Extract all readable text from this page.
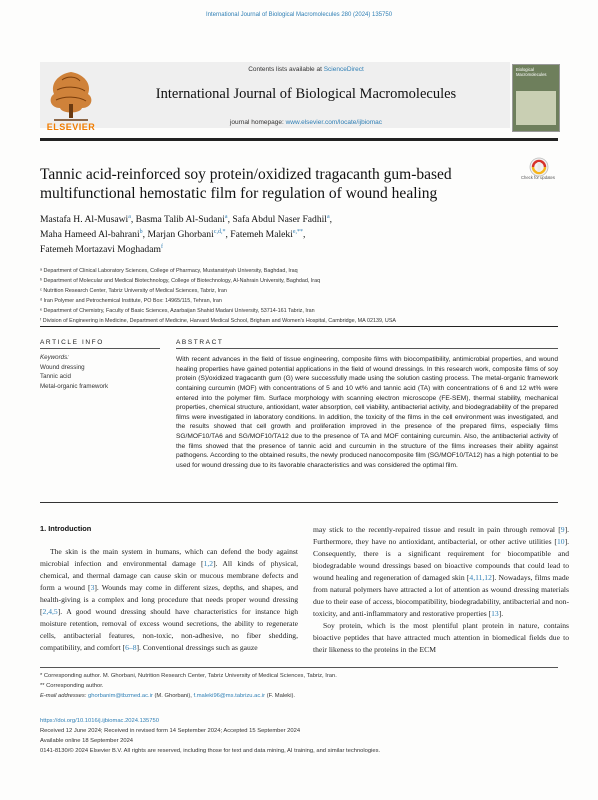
International Journal of Biological Macromolecules 280 (2024) 135750
ELSEVIER
Contents lists available at ScienceDirect
International Journal of Biological Macromolecules
journal homepage: www.elsevier.com/locate/ijbiomac
Biological Macromolecules
Check for updates
Tannic acid-reinforced soy protein/oxidized tragacanth gum-based multifunctional hemostatic film for regulation of wound healing
Mastafa H. Al-Musawi$^a$, Basma Talib Al-Sudani$^a$, Safa Abdul Naser Fadhil$^a$,
Maha Hameed Al-bahrani$^b$, Marjan Ghorbani$^{c,d,*}$, Fatemeh Maleki$^{e,**}$,
Fatemeh Mortazavi Moghadam$^f$
ᵃ Department of Clinical Laboratory Sciences, College of Pharmacy, Mustansiriyah University, Baghdad, Iraq
ᵇ Department of Molecular and Medical Biotechnology, College of Biotechnology, Al-Nahrain University, Baghdad, Iraq
ᶜ Nutrition Research Center, Tabriz University of Medical Sciences, Tabriz, Iran
ᵈ Iran Polymer and Petrochemical Institute, PO Box: 14965/115, Tehran, Iran
ᵉ Department of Chemistry, Faculty of Basic Sciences, Azarbaijan Shahid Madani University, 53714-161 Tabriz, Iran
ᶠ Division of Engineering in Medicine, Department of Medicine, Harvard Medical School, Brigham and Women's Hospital, Cambridge, MA 02139, USA
ARTICLE INFO
Keywords:
Wound dressing
Tannic acid
Metal-organic framework
ABSTRACT
With recent advances in the field of tissue engineering, composite films with biocompatibility, antimicrobial properties, and wound healing properties have gained potential applications in the field of wound dressings. In this research work, composite films of soy protein (S)/oxidized tragacanth gum (G) were successfully made using the solution casting process. The metal-organic framework containing curcumin (MOF) with concentrations of 5 and 10 wt% and tannic acid (TA) with concentrations of 6 and 12 wt% were entered into the polymer film. Surface morphology with scanning electron microscope (FE-SEM), thermal stability, mechanical properties, chemical structure, antioxidant, water absorption, cell viability, antibacterial activity, and biodegradability of the prepared films were investigated in laboratory conditions. In addition, the toxicity of the films in the cell environment was investigated, and the results showed that cell growth and proliferation improved in the presence of the prepared films, especially films SG/MOF10/TA6 and SG/MOF10/TA12 due to the presence of TA and MOF containing curcumin. Also, the antibacterial activity of the films showed that the presence of tannic acid and curcumin in the structure of the films increases their ability against pathogens. According to the obtained results, the newly produced nanocomposite film (SG/MOF10/TA12) has a high potential to be used for wound dressing due to its favorable characteristics and was considered the optimal film.
1. Introduction
The skin is the main system in humans, which can defend the body against microbial infection and environmental damage [1,2]. All kinds of physical, chemical, and thermal damage can cause skin or mucous membrane defects and form a wound [3]. Wounds may come in different sizes, depths, and shapes, and health-giving is a complex and long procedure that needs proper wound dressing [2,4,5]. A good wound dressing should have characteristics for instance high moisture retention, removal of excess wound secretions, the ability to regenerate cells, antibacterial features, non-toxic, non-adhesive, no fiber shedding, compatibility, and comfort [6–8]. Conventional dressings such as gauze

may stick to the recently-repaired tissue and result in pain through removal [9]. Furthermore, they have no antioxidant, antibacterial, or other active utilities [10]. Consequently, there is a significant requirement for biocompatible and biodegradable wound dressings based on bioactive compounds that could lead to wound healing and regeneration of damaged skin [4,11,12]. Nowadays, films made from natural polymers have attracted a lot of attention as wound dressing materials due to their ease of access, biocompatibility, biodegradability, antibacterial and non-toxicity, and anti-inflammatory and restorative properties [13].

Soy protein, which is the most plentiful plant protein in nature, contains bioactive peptides that have attracted much attention in biomedical fields due to their likeness to the proteins in the ECM

* Corresponding author. M. Ghorbani, Nutrition Research Center, Tabriz University of Medical Sciences, Tabriz, Iran.
** Corresponding author.
E-mail addresses: ghorbanim@tbzmed.ac.ir (M. Ghorbani), f.maleki96@ms.tabrizu.ac.ir (F. Maleki).
https://doi.org/10.1016/j.ijbiomac.2024.135750
Received 12 June 2024; Received in revised form 14 September 2024; Accepted 15 September 2024
Available online 18 September 2024
0141-8130/© 2024 Elsevier B.V. All rights are reserved, including those for text and data mining, AI training, and similar technologies.
